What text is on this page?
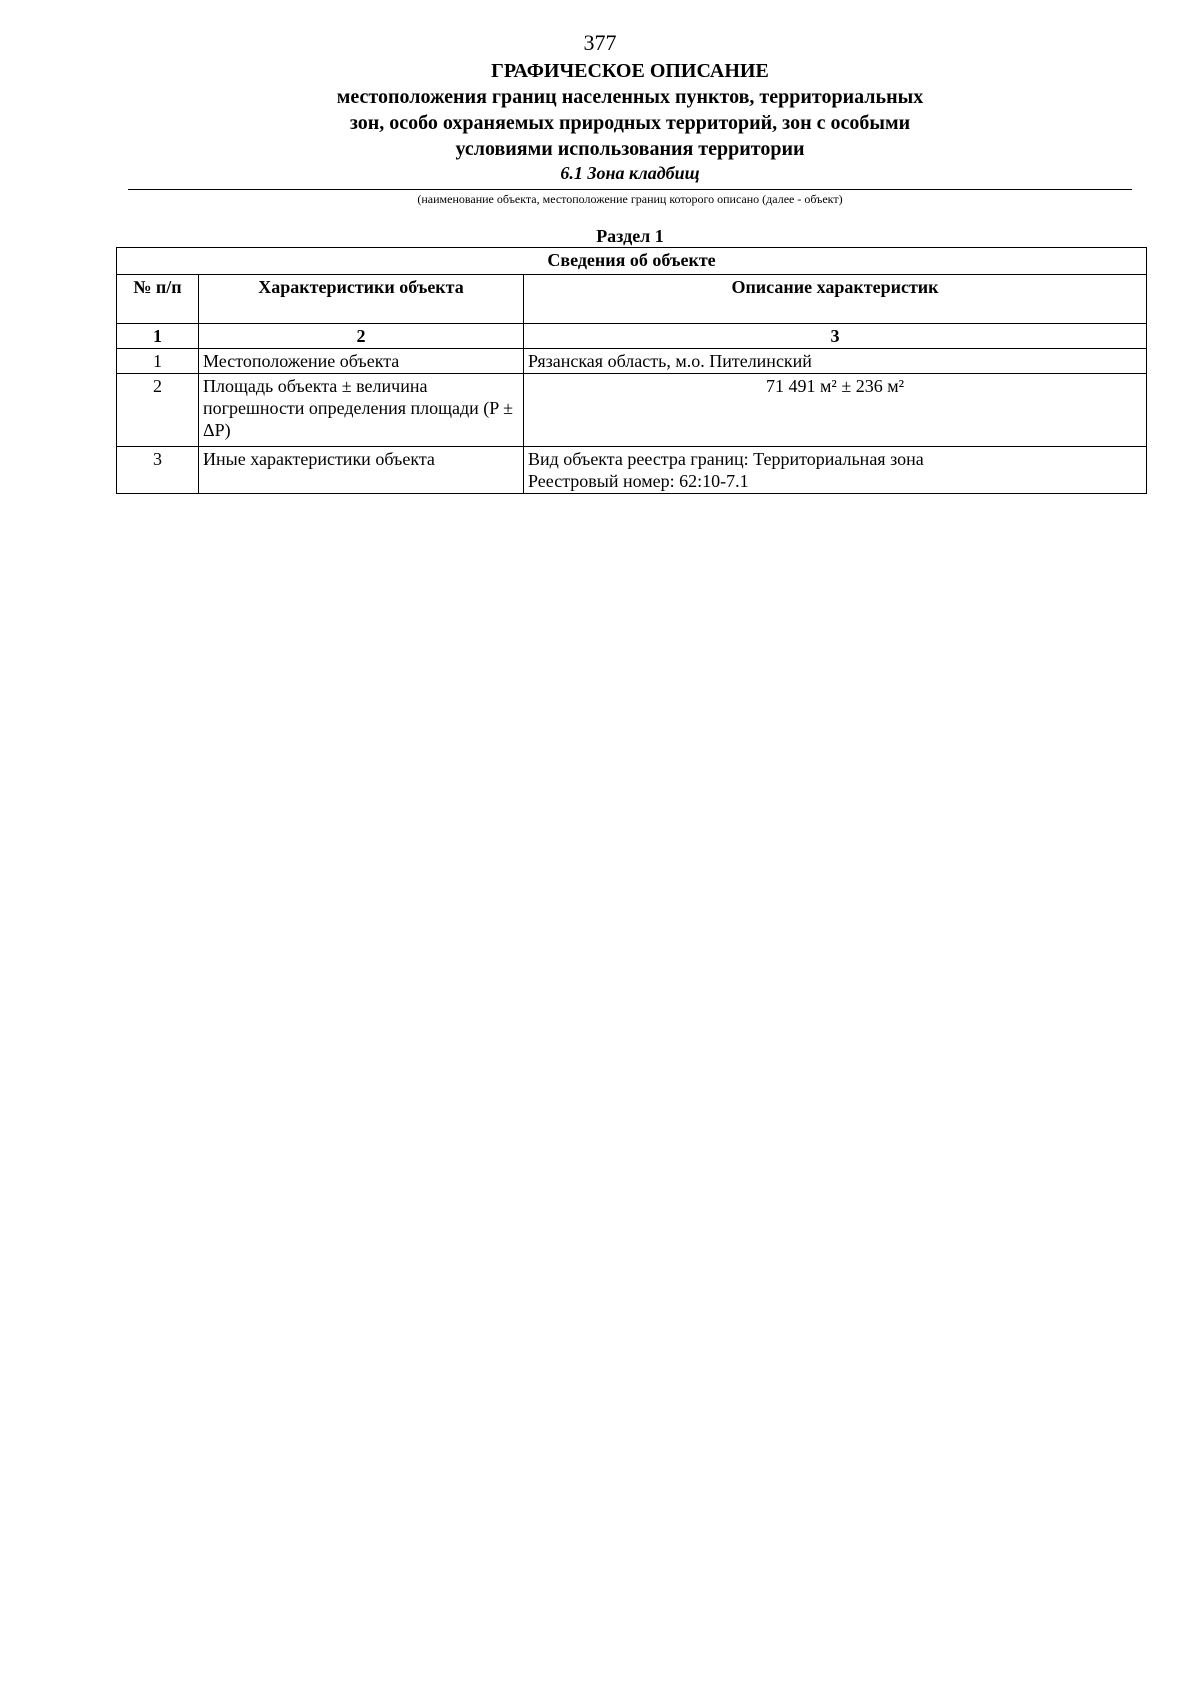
377
ГРАФИЧЕСКОЕ ОПИСАНИЕ
местоположения границ населенных пунктов, территориальных
зон, особо охраняемых природных территорий, зон с особыми
условиями использования территории
6.1 Зона кладбищ
(наименование объекта, местоположение границ которого описано (далее - объект)
Раздел 1
Сведения об объекте		
№ п/п	Характеристики объекта	Описание характеристик
1	2	3
1	Местоположение объекта	Рязанская область, м.о. Пителинский

2	Площадь объекта ± величина погрешности определения площади (P ± ΔP)	71 491 м² ± 236 м²

3	Иные характеристики объекта	Вид объекта реестра границ: Территориальная зона
Реестровый номер: 62:10-7.1
